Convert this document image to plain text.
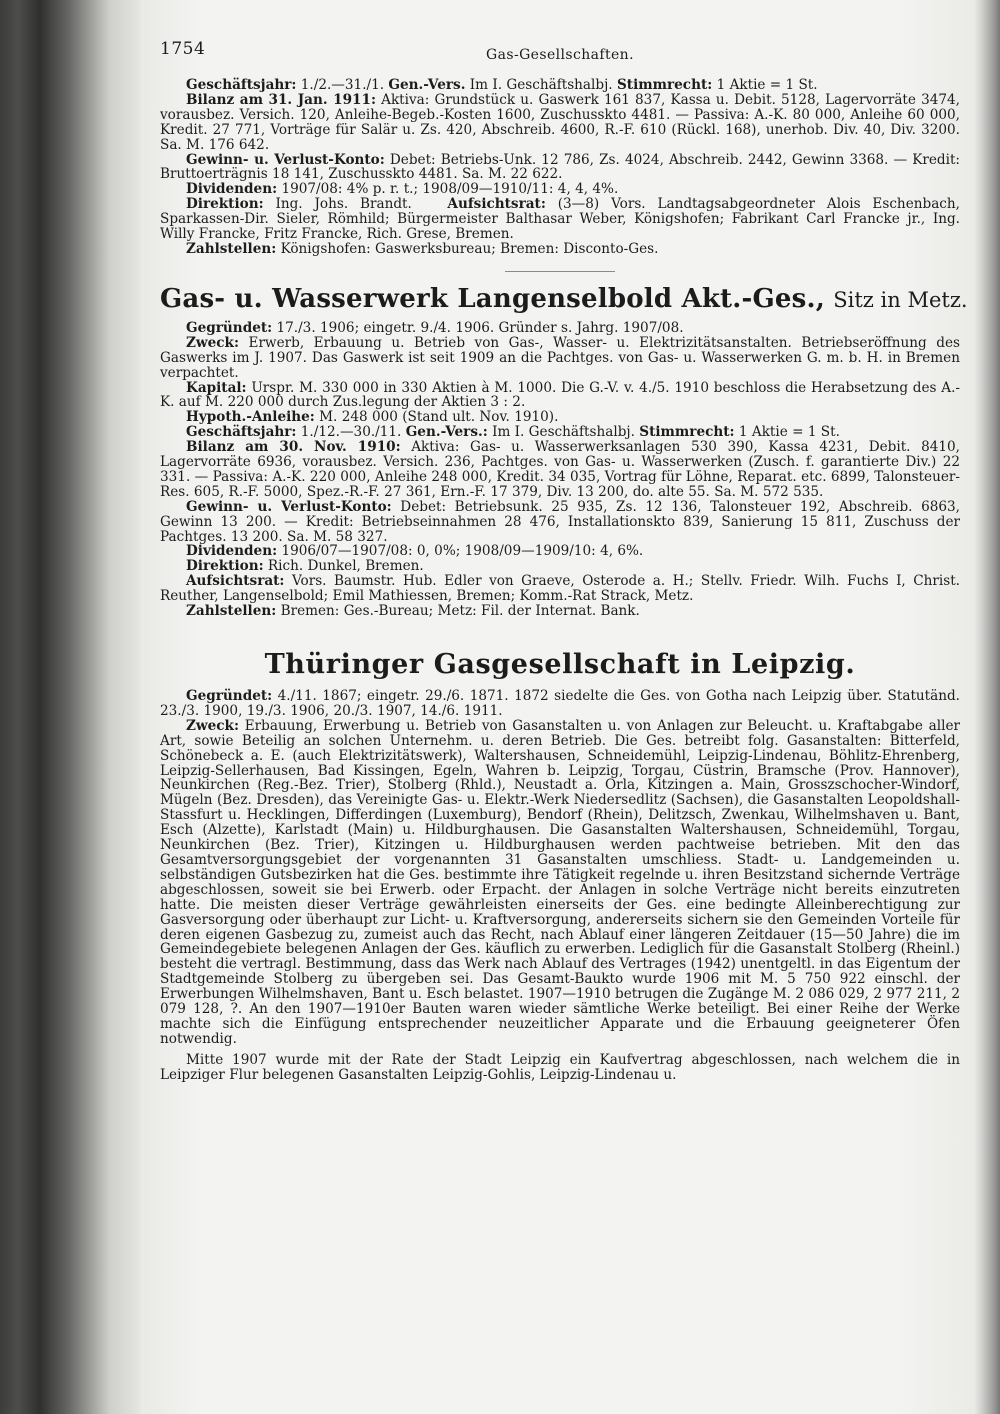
1754	Gas-Gesellschaften.

Geschäftsjahr: 1./2.—31./1. Gen.-Vers. Im I. Geschäftshalbj. Stimmrecht: 1 Aktie = 1 St.

Bilanz am 31. Jan. 1911: Aktiva: Grundstück u. Gaswerk 161 837, Kassa u. Debit. 5128, Lagervorräte 3474, vorausbez. Versich. 120, Anleihe-Begeb.-Kosten 1600, Zuschusskto 4481. — Passiva: A.-K. 80 000, Anleihe 60 000, Kredit. 27 771, Vorträge für Salär u. Zs. 420, Abschreib. 4600, R.-F. 610 (Rückl. 168), unerhob. Div. 40, Div. 3200. Sa. M. 176 642.

Gewinn- u. Verlust-Konto: Debet: Betriebs-Unk. 12 786, Zs. 4024, Abschreib. 2442, Gewinn 3368. — Kredit: Bruttoerträgnis 18 141, Zuschusskto 4481. Sa. M. 22 622.

Dividenden: 1907/08: 4% p. r. t.; 1908/09—1910/11: 4, 4, 4%.

Direktion: Ing. Johs. Brandt.	Aufsichtsrat: (3—8) Vors. Landtagsabgeordneter Alois Eschenbach, Sparkassen-Dir. Sieler, Römhild; Bürgermeister Balthasar Weber, Königshofen; Fabrikant Carl Francke jr., Ing. Willy Francke, Fritz Francke, Rich. Grese, Bremen.

Zahlstellen: Königshofen: Gaswerksbureau; Bremen: Disconto-Ges.

Gas- u. Wasserwerk Langenselbold Akt.-Ges., Sitz in Metz.

Gegründet: 17./3. 1906; eingetr. 9./4. 1906. Gründer s. Jahrg. 1907/08.

Zweck: Erwerb, Erbauung u. Betrieb von Gas-, Wasser- u. Elektrizitätsanstalten. Betriebseröffnung des Gaswerks im J. 1907. Das Gaswerk ist seit 1909 an die Pachtges. von Gas- u. Wasserwerken G. m. b. H. in Bremen verpachtet.

Kapital: Urspr. M. 330 000 in 330 Aktien à M. 1000. Die G.-V. v. 4./5. 1910 beschloss die Herabsetzung des A.-K. auf M. 220 000 durch Zus.legung der Aktien 3 : 2.

Hypoth.-Anleihe: M. 248 000 (Stand ult. Nov. 1910).

Geschäftsjahr: 1./12.—30./11. Gen.-Vers.: Im I. Geschäftshalbj. Stimmrecht: 1 Aktie = 1 St.

Bilanz am 30. Nov. 1910: Aktiva: Gas- u. Wasserwerksanlagen 530 390, Kassa 4231, Debit. 8410, Lagervorräte 6936, vorausbez. Versich. 236, Pachtges. von Gas- u. Wasserwerken (Zusch. f. garantierte Div.) 22 331. — Passiva: A.-K. 220 000, Anleihe 248 000, Kredit. 34 035, Vortrag für Löhne, Reparat. etc. 6899, Talonsteuer-Res. 605, R.-F. 5000, Spez.-R.-F. 27 361, Ern.-F. 17 379, Div. 13 200, do. alte 55. Sa. M. 572 535.

Gewinn- u. Verlust-Konto: Debet: Betriebsunk. 25 935, Zs. 12 136, Talonsteuer 192, Abschreib. 6863, Gewinn 13 200. — Kredit: Betriebseinnahmen 28 476, Installationskto 839, Sanierung 15 811, Zuschuss der Pachtges. 13 200. Sa. M. 58 327.

Dividenden: 1906/07—1907/08: 0, 0%; 1908/09—1909/10: 4, 6%.

Direktion: Rich. Dunkel, Bremen.

Aufsichtsrat: Vors. Baumstr. Hub. Edler von Graeve, Osterode a. H.; Stellv. Friedr. Wilh. Fuchs I, Christ. Reuther, Langenselbold; Emil Mathiessen, Bremen; Komm.-Rat Strack, Metz.

Zahlstellen: Bremen: Ges.-Bureau; Metz: Fil. der Internat. Bank.

Thüringer Gasgesellschaft in Leipzig.

Gegründet: 4./11. 1867; eingetr. 29./6. 1871. 1872 siedelte die Ges. von Gotha nach Leipzig über. Statutänd. 23./3. 1900, 19./3. 1906, 20./3. 1907, 14./6. 1911.

Zweck: Erbauung, Erwerbung u. Betrieb von Gasanstalten u. von Anlagen zur Beleucht. u. Kraftabgabe aller Art, sowie Beteilig an solchen Unternehm. u. deren Betrieb. Die Ges. betreibt folg. Gasanstalten: Bitterfeld, Schönebeck a. E. (auch Elektrizitätswerk), Waltershausen, Schneidemühl, Leipzig-Lindenau, Böhlitz-Ehrenberg, Leipzig-Sellerhausen, Bad Kissingen, Egeln, Wahren b. Leipzig, Torgau, Cüstrin, Bramsche (Prov. Hannover), Neunkirchen (Reg.-Bez. Trier), Stolberg (Rhld.), Neustadt a. Orla, Kitzingen a. Main, Grosszschocher-Windorf, Mügeln (Bez. Dresden), das Vereinigte Gas- u. Elektr.-Werk Niedersedlitz (Sachsen), die Gasanstalten Leopoldshall-Stassfurt u. Hecklingen, Differdingen (Luxemburg), Bendorf (Rhein), Delitzsch, Zwenkau, Wilhelmshaven u. Bant, Esch (Alzette), Karlstadt (Main) u. Hildburghausen. Die Gasanstalten Waltershausen, Schneidemühl, Torgau, Neunkirchen (Bez. Trier), Kitzingen u. Hildburghausen werden pachtweise betrieben. Mit den das Gesamtversorgungsgebiet der vorgenannten 31 Gasanstalten umschliess. Stadt- u. Landgemeinden u. selbständigen Gutsbezirken hat die Ges. bestimmte ihre Tätigkeit regelnde u. ihren Besitzstand sichernde Verträge abgeschlossen, soweit sie bei Erwerb. oder Erpacht. der Anlagen in solche Verträge nicht bereits einzutreten hatte. Die meisten dieser Verträge gewährleisten einerseits der Ges. eine bedingte Alleinberechtigung zur Gasversorgung oder überhaupt zur Licht- u. Kraftversorgung, andererseits sichern sie den Gemeinden Vorteile für deren eigenen Gasbezug zu, zumeist auch das Recht, nach Ablauf einer längeren Zeitdauer (15—50 Jahre) die im Gemeindegebiete belegenen Anlagen der Ges. käuflich zu erwerben. Lediglich für die Gasanstalt Stolberg (Rheinl.) besteht die vertragl. Bestimmung, dass das Werk nach Ablauf des Vertrages (1942) unentgeltl. in das Eigentum der Stadtgemeinde Stolberg zu übergeben sei. Das Gesamt-Baukto wurde 1906 mit M. 5 750 922 einschl. der Erwerbungen Wilhelmshaven, Bant u. Esch belastet. 1907—1910 betrugen die Zugänge M. 2 086 029, 2 977 211, 2 079 128, ?. An den 1907—1910er Bauten waren wieder sämtliche Werke beteiligt. Bei einer Reihe der Werke machte sich die Einfügung entsprechender neuzeitlicher Apparate und die Erbauung geeigneterer Öfen notwendig.

Mitte 1907 wurde mit der Rate der Stadt Leipzig ein Kaufvertrag abgeschlossen, nach welchem die in Leipziger Flur belegenen Gasanstalten Leipzig-Gohlis, Leipzig-Lindenau u.
